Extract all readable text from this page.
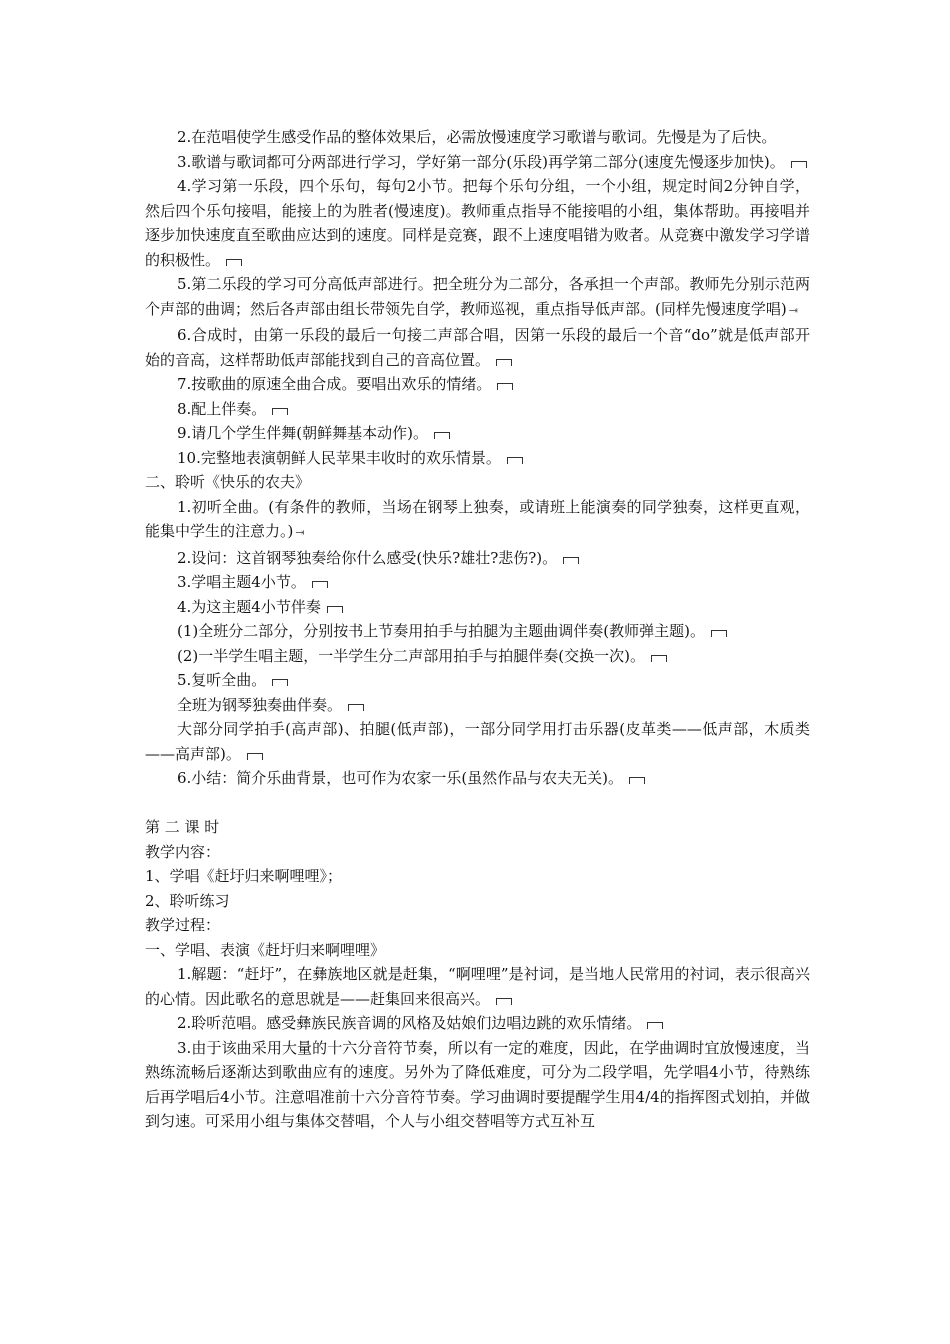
2.在范唱使学生感受作品的整体效果后，必需放慢速度学习歌谱与歌词。先慢是为了后快。

3.歌谱与歌词都可分两部进行学习，学好第一部分(乐段)再学第二部分(速度先慢逐步加快)。

4.学习第一乐段，四个乐句，每句2小节。把每个乐句分组，一个小组，规定时间2分钟自学，然后四个乐句接唱，能接上的为胜者(慢速度)。教师重点指导不能接唱的小组，集体帮助。再接唱并逐步加快速度直至歌曲应达到的速度。同样是竞赛，跟不上速度唱错为败者。从竞赛中激发学习学谱的积极性。

5.第二乐段的学习可分高低声部进行。把全班分为二部分，各承担一个声部。教师先分别示范两个声部的曲调；然后各声部由组长带领先自学，教师巡视，重点指导低声部。(同样先慢速度学唱) ⇥

6.合成时，由第一乐段的最后一句接二声部合唱，因第一乐段的最后一个音“do”就是低声部开始的音高，这样帮助低声部能找到自己的音高位置。

7.按歌曲的原速全曲合成。要唱出欢乐的情绪。

8.配上伴奏。

9.请几个学生伴舞(朝鲜舞基本动作)。

10.完整地表演朝鲜人民苹果丰收时的欢乐情景。

二、聆听《快乐的农夫》

1.初听全曲。(有条件的教师，当场在钢琴上独奏，或请班上能演奏的同学独奏，这样更直观，能集中学生的注意力。) ⇥

2.设问：这首钢琴独奏给你什么感受(快乐?雄壮?悲伤?)。

3.学唱主题4小节。

4.为这主题4小节伴奏

(1)全班分二部分，分别按书上节奏用拍手与拍腿为主题曲调伴奏(教师弹主题)。

(2)一半学生唱主题，一半学生分二声部用拍手与拍腿伴奏(交换一次)。

5.复听全曲。

全班为钢琴独奏曲伴奏。

大部分同学拍手(高声部)、拍腿(低声部)，一部分同学用打击乐器(皮革类——低声部，木质类——高声部)。

6.小结：简介乐曲背景，也可作为农家一乐(虽然作品与农夫无关)。

第 二 课 时

教学内容：

1、学唱《赶圩归来啊哩哩》；

2、聆听练习

教学过程：

一、学唱、表演《赶圩归来啊哩哩》

1.解题：“赶圩”，在彝族地区就是赶集，“啊哩哩”是衬词，是当地人民常用的衬词，表示很高兴的心情。因此歌名的意思就是——赶集回来很高兴。

2.聆听范唱。感受彝族民族音调的风格及姑娘们边唱边跳的欢乐情绪。

3.由于该曲采用大量的十六分音符节奏，所以有一定的难度，因此，在学曲调时宜放慢速度，当熟练流畅后逐渐达到歌曲应有的速度。另外为了降低难度，可分为二段学唱，先学唱4小节，待熟练后再学唱后4小节。注意唱准前十六分音符节奏。学习曲调时要提醒学生用4/4的指挥图式划拍，并做到匀速。可采用小组与集体交替唱，个人与小组交替唱等方式互补互
